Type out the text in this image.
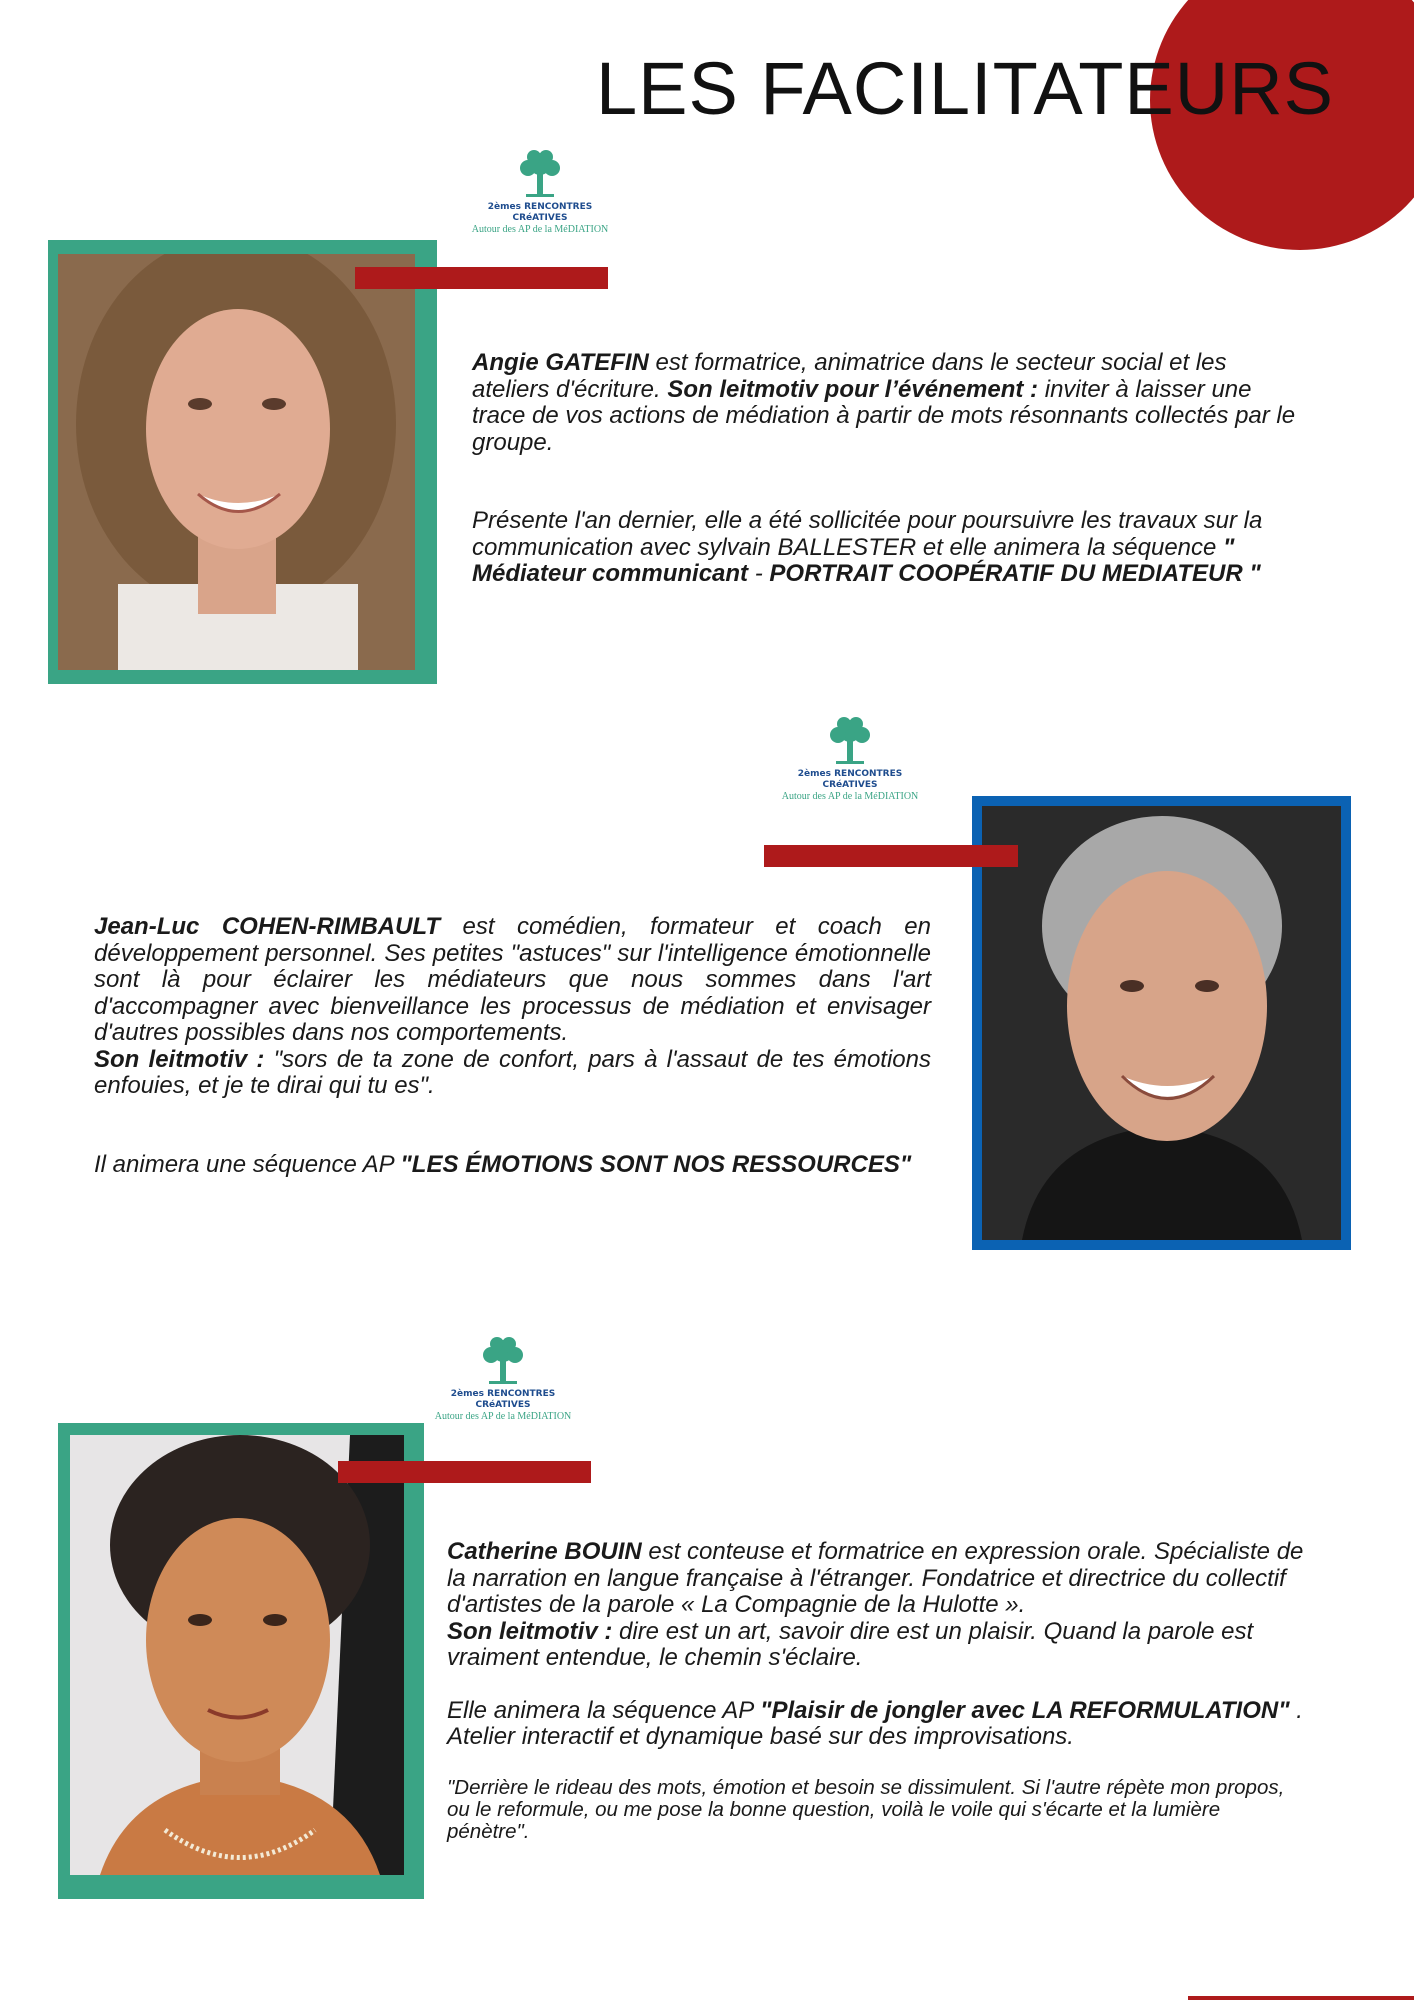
LES FACILITATEURS
2èmes RENCONTRES CRéATIVES
Autour des AP de la MéDIATION

Angie GATEFIN est formatrice, animatrice dans le secteur social et les ateliers d'écriture. Son leitmotiv pour l’événement : inviter à laisser une trace de vos actions de médiation à partir de mots résonnants collectés par le groupe.

Présente l'an dernier, elle a été sollicitée pour poursuivre les travaux sur la communication avec sylvain BALLESTER et elle animera la séquence " Médiateur communicant - PORTRAIT COOPÉRATIF DU MEDIATEUR "

2èmes RENCONTRES CRéATIVES
Autour des AP de la MéDIATION

Jean-Luc COHEN-RIMBAULT est comédien, formateur et coach en développement personnel. Ses petites "astuces" sur l'intelligence émotionnelle sont là pour éclairer les médiateurs que nous sommes dans l'art d'accompagner avec bienveillance les processus de médiation et envisager d'autres possibles dans nos comportements.
Son leitmotiv : "sors de ta zone de confort, pars à l'assaut de tes émotions enfouies, et je te dirai qui tu es".

Il animera une séquence AP "LES ÉMOTIONS SONT NOS RESSOURCES"

2èmes RENCONTRES CRéATIVES
Autour des AP de la MéDIATION

Catherine BOUIN est conteuse et formatrice en expression orale. Spécialiste de la narration en langue française à l'étranger. Fondatrice et directrice du collectif d'artistes de la parole « La Compagnie de la Hulotte ».
Son leitmotiv : dire est un art, savoir dire est un plaisir. Quand la parole est vraiment entendue, le chemin s'éclaire.

Elle animera la séquence AP "Plaisir de jongler avec LA REFORMULATION" . Atelier interactif et dynamique basé sur des improvisations.

"Derrière le rideau des mots, émotion et besoin se dissimulent. Si l'autre répète mon propos, ou le reformule, ou me pose la bonne question, voilà le voile qui s'écarte et la lumière pénètre".
